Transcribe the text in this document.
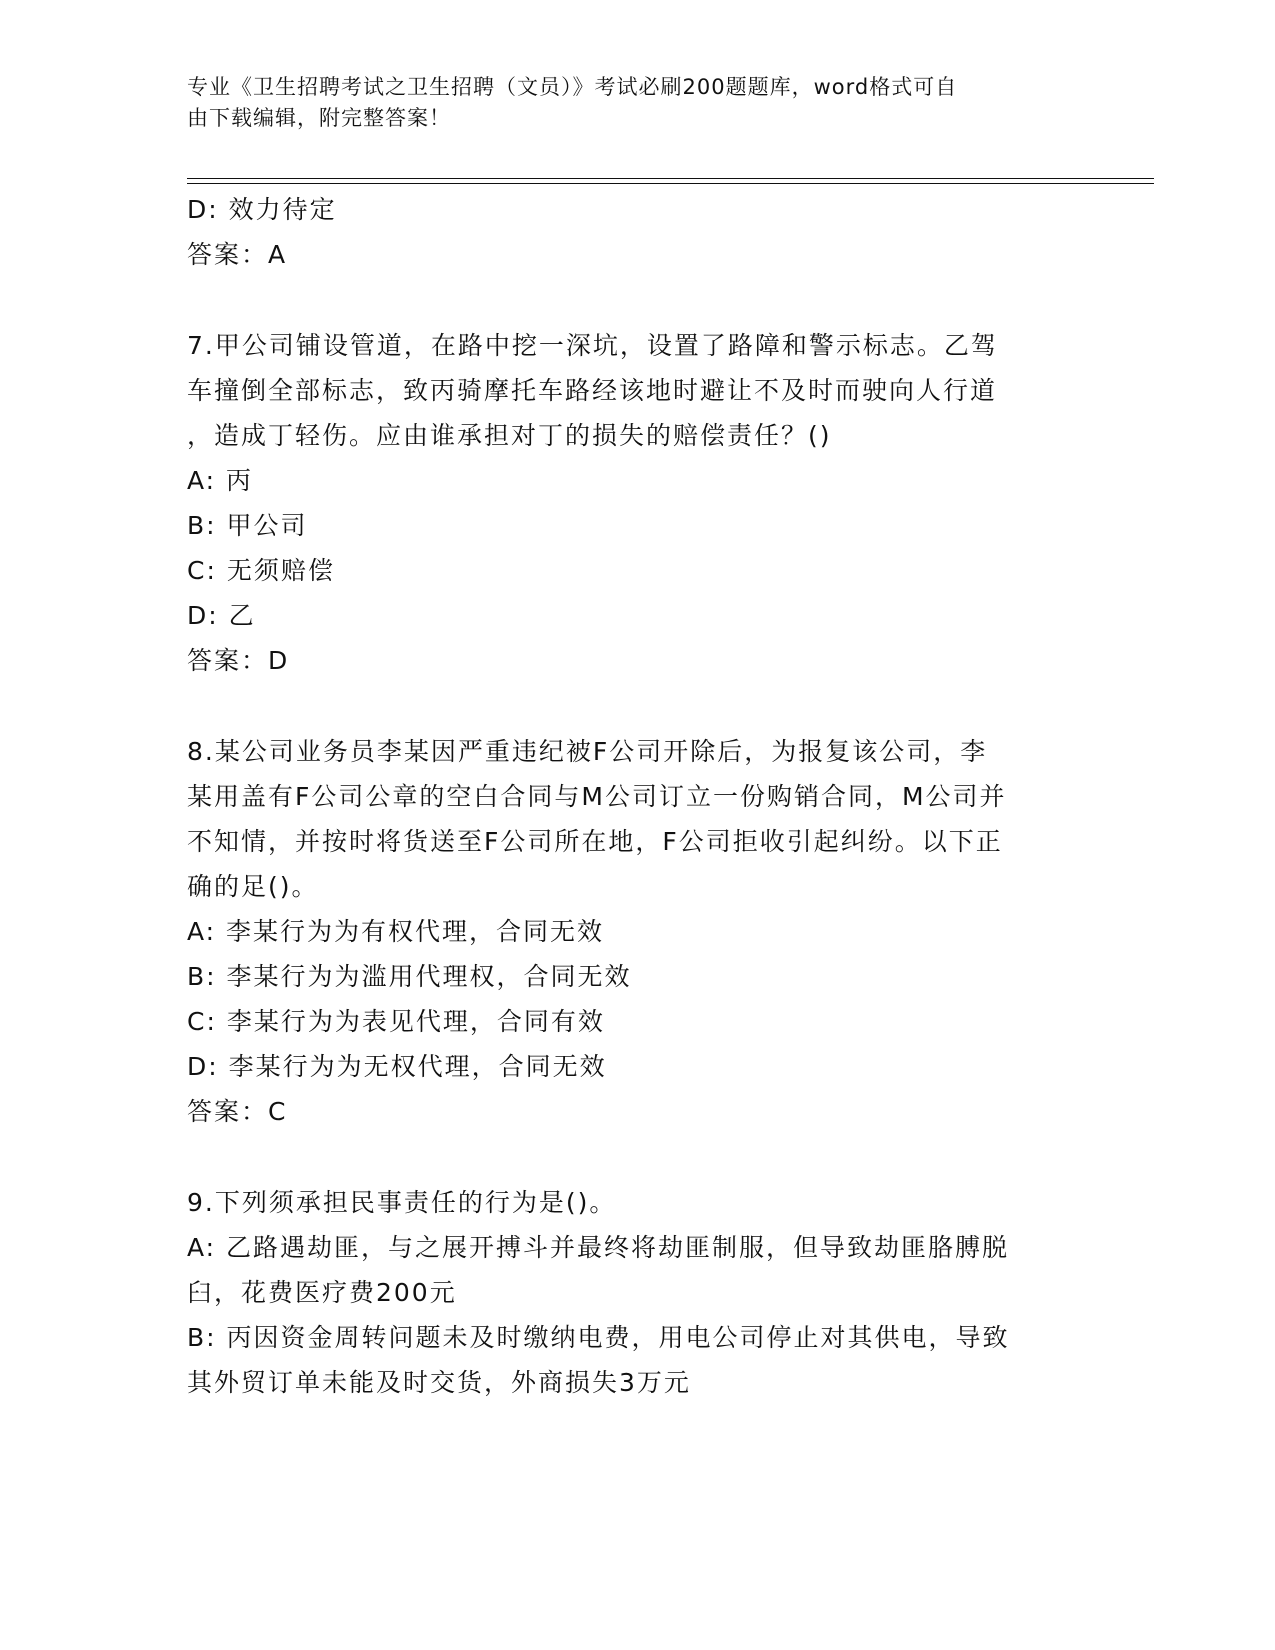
专业《卫生招聘考试之卫生招聘（文员）》考试必刷200题题库，word格式可自
由下载编辑，附完整答案！
D: 效力待定
答案：A
7.甲公司铺设管道，在路中挖一深坑，设置了路障和警示标志。乙驾
车撞倒全部标志，致丙骑摩托车路经该地时避让不及时而驶向人行道
，造成丁轻伤。应由谁承担对丁的损失的赔偿责任？()
A: 丙
B: 甲公司
C: 无须赔偿
D: 乙
答案：D
8.某公司业务员李某因严重违纪被F公司开除后，为报复该公司，李
某用盖有F公司公章的空白合同与M公司订立一份购销合同，M公司并
不知情，并按时将货送至F公司所在地，F公司拒收引起纠纷。以下正
确的足()。
A: 李某行为为有权代理，合同无效
B: 李某行为为滥用代理权，合同无效
C: 李某行为为表见代理，合同有效
D: 李某行为为无权代理，合同无效
答案：C
9.下列须承担民事责任的行为是()。
A: 乙路遇劫匪，与之展开搏斗并最终将劫匪制服，但导致劫匪胳膊脱
臼，花费医疗费200元
B: 丙因资金周转问题未及时缴纳电费，用电公司停止对其供电，导致
其外贸订单未能及时交货，外商损失3万元
